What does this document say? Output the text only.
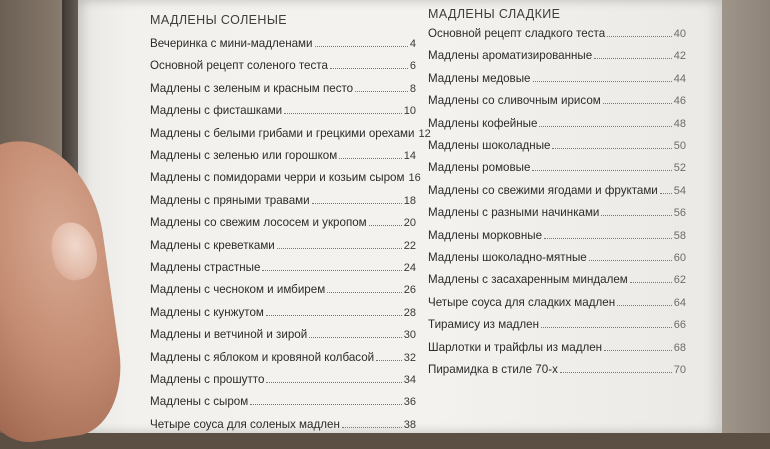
МАДЛЕНЫ СОЛЕНЫЕ
Вечеринка с мини-мадленами	4
Основной рецепт соленого теста	6
Мадлены с зеленым и красным песто	8
Мадлены с фисташками	10
Мадлены с белыми грибами и грецкими орехами 12
Мадлены с зеленью или горошком	14
Мадлены с помидорами черри и козьим сыром 16
Мадлены с пряными травами	18
Мадлены со свежим лососем и укропом	20
Мадлены с креветками	22
Мадлены страстные	24
Мадлены с чесноком и имбирем	26
Мадлены с кунжутом	28
Мадлены и ветчиной и зирой	30
Мадлены с яблоком и кровяной колбасой	32
Мадлены с прошутто	34
Мадлены с сыром	36
Четыре соуса для соленых мадлен	38
МАДЛЕНЫ СЛАДКИЕ
Основной рецепт сладкого теста	40
Мадлены ароматизированные	42
Мадлены медовые	44
Мадлены со сливочным ирисом	46
Мадлены кофейные	48
Мадлены шоколадные	50
Мадлены ромовые	52
Мадлены со свежими ягодами и фруктами 54
Мадлены с разными начинками	56
Мадлены морковные	58
Мадлены шоколадно-мятные	60
Мадлены с засахаренным миндалем	62
Четыре соуса для сладких мадлен	64
Тирамису из мадлен	66
Шарлотки и трайфлы из мадлен	68
Пирамидка в стиле 70-х	70
